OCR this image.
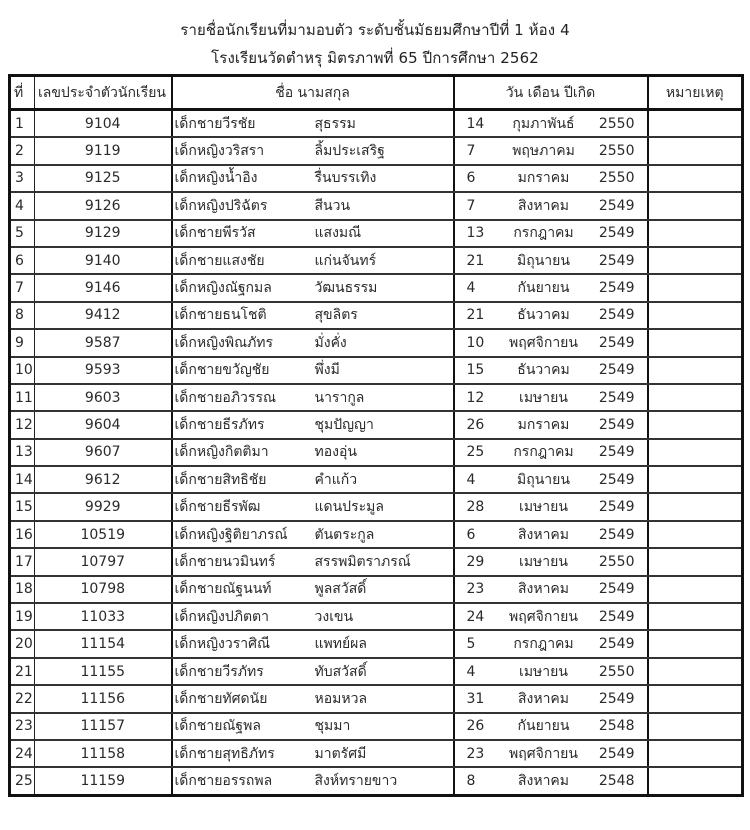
รายชื่อนักเรียนที่มามอบตัว ระดับชั้นมัธยมศึกษาปีที่ 1 ห้อง 4
โรงเรียนวัดตำหรุ มิตรภาพที่ 65 ปีการศึกษา 2562
ที่	เลขประจำตัวนักเรียน	ชื่อ นามสกุล	วัน เดือน ปีเกิด	หมายเหตุ
1	9104	เด็กชายวีรชัย สุธรรม	14 กุมภาพันธ์ 2550	
2	9119	เด็กหญิงวริสรา ลิ้มประเสริฐ	7 พฤษภาคม 2550	
3	9125	เด็กหญิงน้ำอิง รื่นบรรเทิง	6 มกราคม 2550	
4	9126	เด็กหญิงปริฉัตร สีนวน	7 สิงหาคม 2549	
5	9129	เด็กชายพีรวัส แสงมณี	13 กรกฎาคม 2549	
6	9140	เด็กชายแสงชัย แก่นจันทร์	21 มิถุนายน 2549	
7	9146	เด็กหญิงณัฐกมล วัฒนธรรม	4 กันยายน 2549	
8	9412	เด็กชายธนโชติ สุขลิตร	21 ธันวาคม 2549	
9	9587	เด็กหญิงพิณภัทร มั่งคั่ง	10 พฤศจิกายน 2549	
10	9593	เด็กชายขวัญชัย พึ่งมี	15 ธันวาคม 2549	
11	9603	เด็กชายอภิวรรณ นารากูล	12 เมษายน 2549	
12	9604	เด็กชายธีรภัทร ชุมปัญญา	26 มกราคม 2549	
13	9607	เด็กหญิงกิตติมา ทองอุ่น	25 กรกฎาคม 2549	
14	9612	เด็กชายสิทธิชัย คำแก้ว	4 มิถุนายน 2549	
15	9929	เด็กชายธีรพัฒ แดนประมูล	28 เมษายน 2549	
16	10519	เด็กหญิงฐิติยาภรณ์ ตันตระกูล	6 สิงหาคม 2549	
17	10797	เด็กชายนวมินทร์ สรรพมิตราภรณ์	29 เมษายน 2550	
18	10798	เด็กชายณัฐนนท์ พูลสวัสดิ์	23 สิงหาคม 2549	
19	11033	เด็กหญิงปภิตตา วงเขน	24 พฤศจิกายน 2549	
20	11154	เด็กหญิงวราศิณี แพทย์ผล	5 กรกฎาคม 2549	
21	11155	เด็กชายวีรภัทร ทับสวัสดิ์	4 เมษายน 2550	
22	11156	เด็กชายทัศดนัย หอมหวล	31 สิงหาคม 2549	
23	11157	เด็กชายณัฐพล ชุมมา	26 กันยายน 2548	
24	11158	เด็กชายสุทธิภัทร มาตรัศมี	23 พฤศจิกายน 2549	
25	11159	เด็กชายอรรถพล สิงห์ทรายขาว	8 สิงหาคม 2548	
